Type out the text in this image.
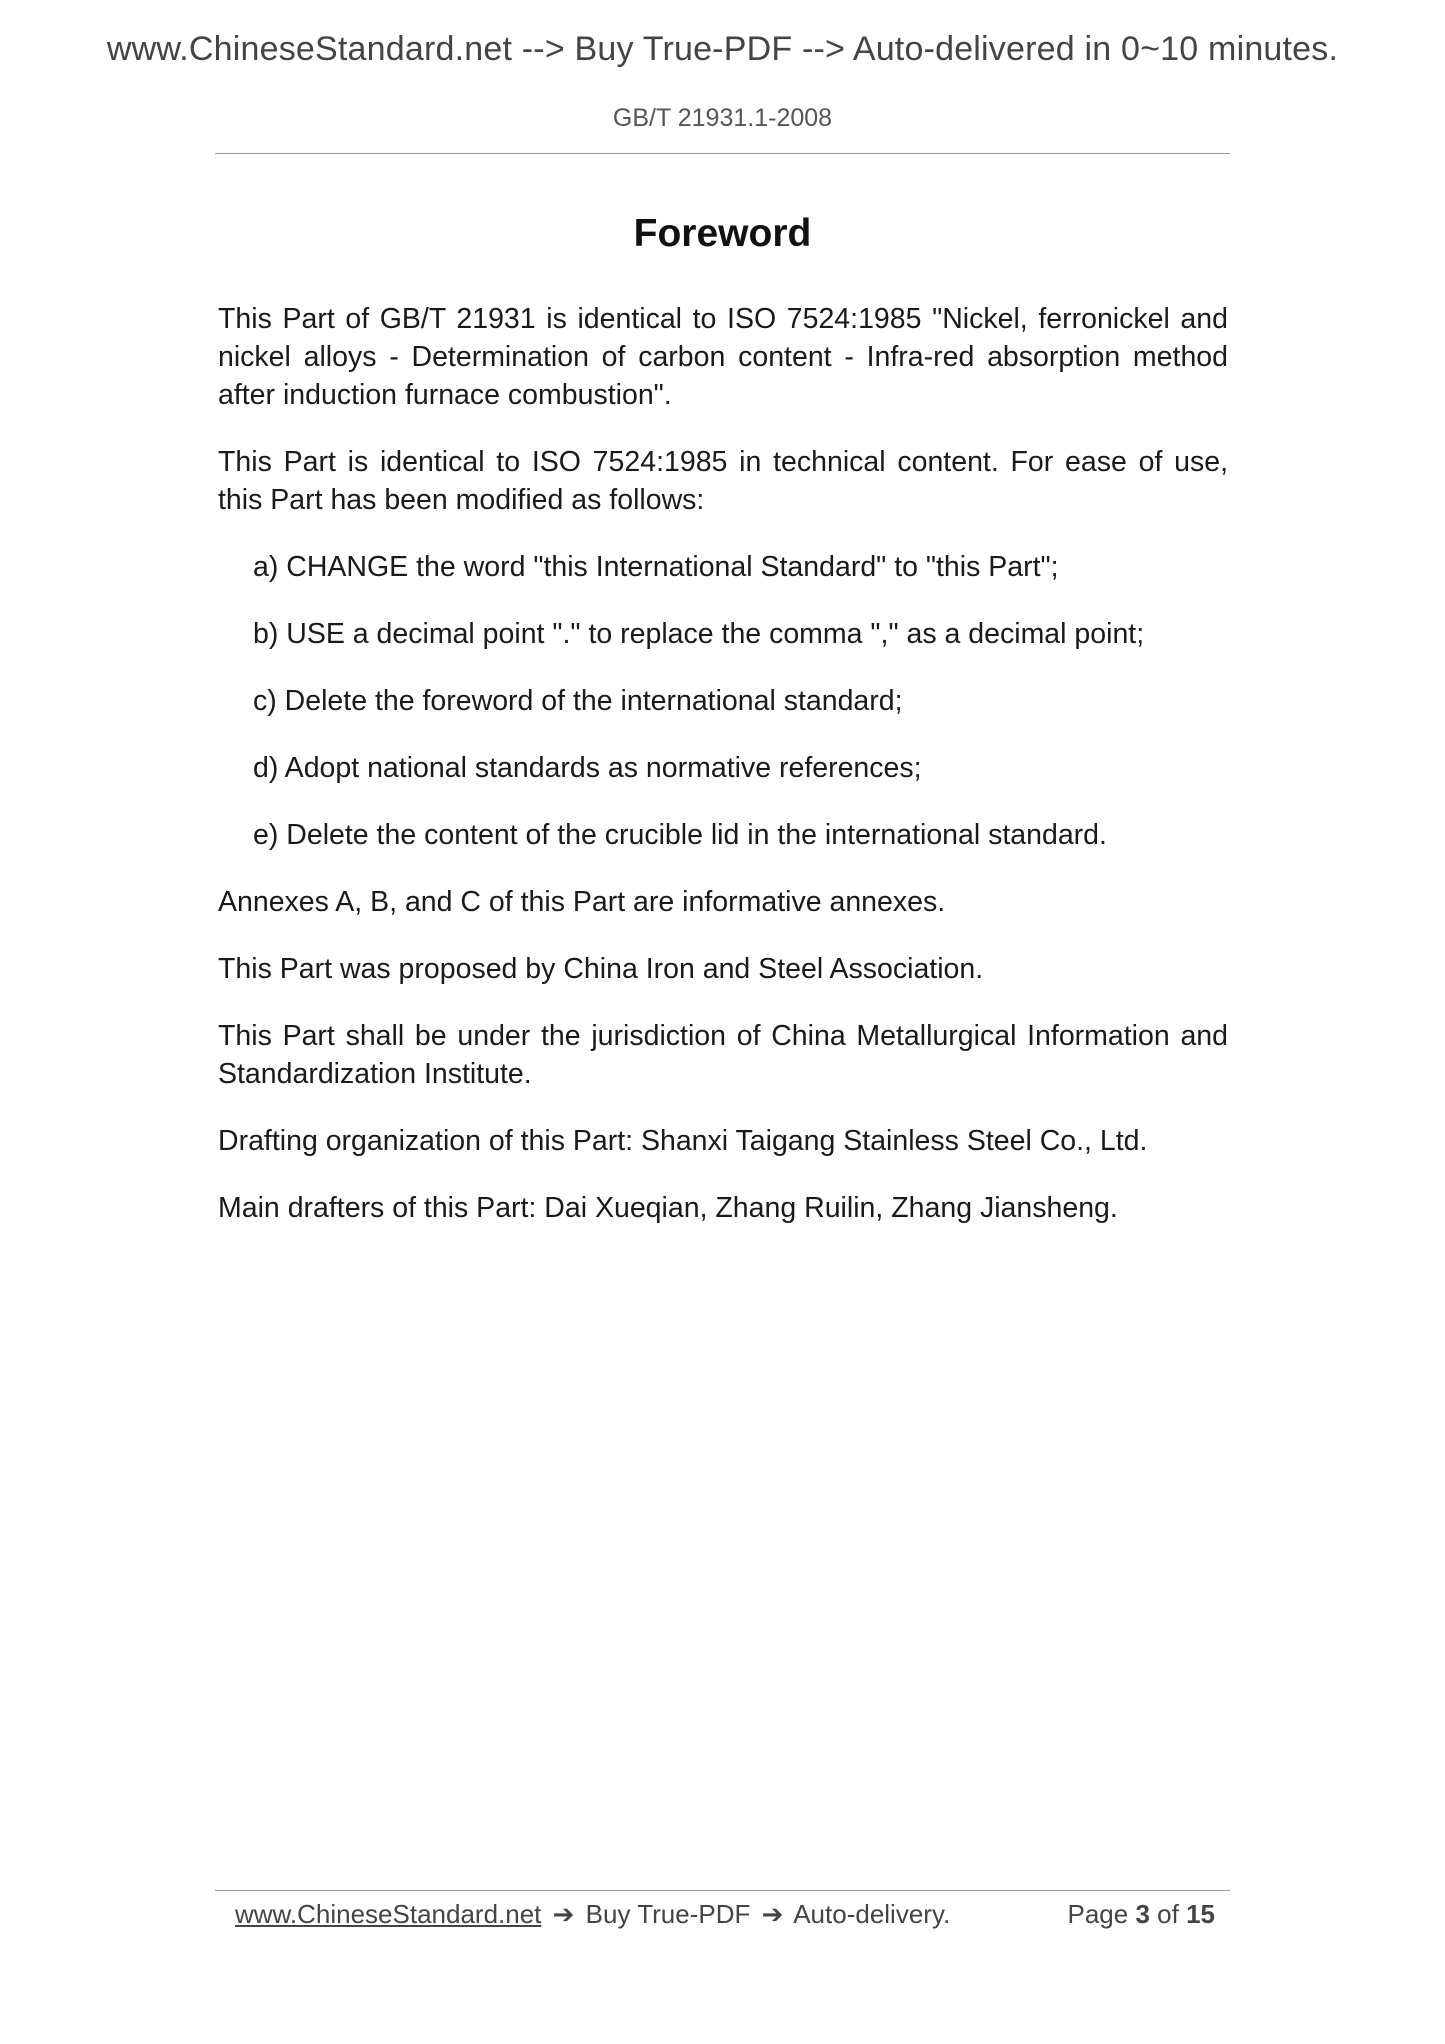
www.ChineseStandard.net --> Buy True-PDF --> Auto-delivered in 0~10 minutes.
GB/T 21931.1-2008
Foreword

This Part of GB/T 21931 is identical to ISO 7524:1985 "Nickel, ferronickel and nickel alloys - Determination of carbon content - Infra-red absorption method after induction furnace combustion".

This Part is identical to ISO 7524:1985 in technical content. For ease of use, this Part has been modified as follows:

a) CHANGE the word "this International Standard" to "this Part";
b) USE a decimal point "." to replace the comma "," as a decimal point;
c) Delete the foreword of the international standard;
d) Adopt national standards as normative references;
e) Delete the content of the crucible lid in the international standard.

Annexes A, B, and C of this Part are informative annexes.

This Part was proposed by China Iron and Steel Association.

This Part shall be under the jurisdiction of China Metallurgical Information and Standardization Institute.

Drafting organization of this Part: Shanxi Taigang Stainless Steel Co., Ltd.

Main drafters of this Part: Dai Xueqian, Zhang Ruilin, Zhang Jiansheng.

www.ChineseStandard.net ➔ Buy True-PDF ➔ Auto-delivery.	Page 3 of 15
